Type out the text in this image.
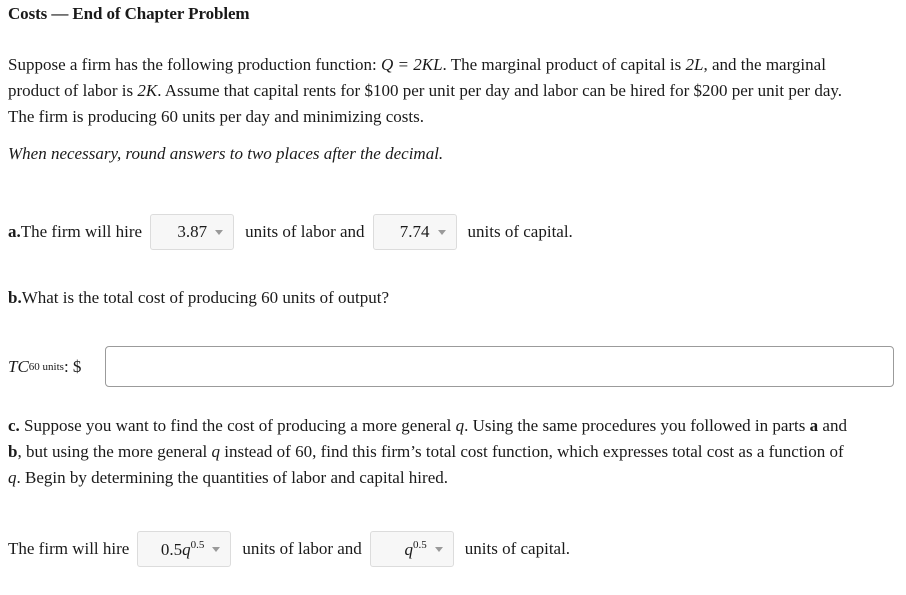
Costs — End of Chapter Problem
Suppose a firm has the following production function: Q = 2KL. The marginal product of capital is 2L, and the marginal
product of labor is 2K. Assume that capital rents for $100 per unit per day and labor can be hired for $200 per unit per day.
The firm is producing 60 units per day and minimizing costs.
When necessary, round answers to two places after the decimal.
a. The firm will hire 3.87 units of labor and 7.74 units of capital.
b. What is the total cost of producing 60 units of output?
TC 60 units : $
c. Suppose you want to find the cost of producing a more general q. Using the same procedures you followed in parts a and
b, but using the more general q instead of 60, find this firm’s total cost function, which expresses total cost as a function of
q. Begin by determining the quantities of labor and capital hired.
The firm will hire $0.5q^{0.5}$ units of labor and	$q^{0.5}$ units of capital.
